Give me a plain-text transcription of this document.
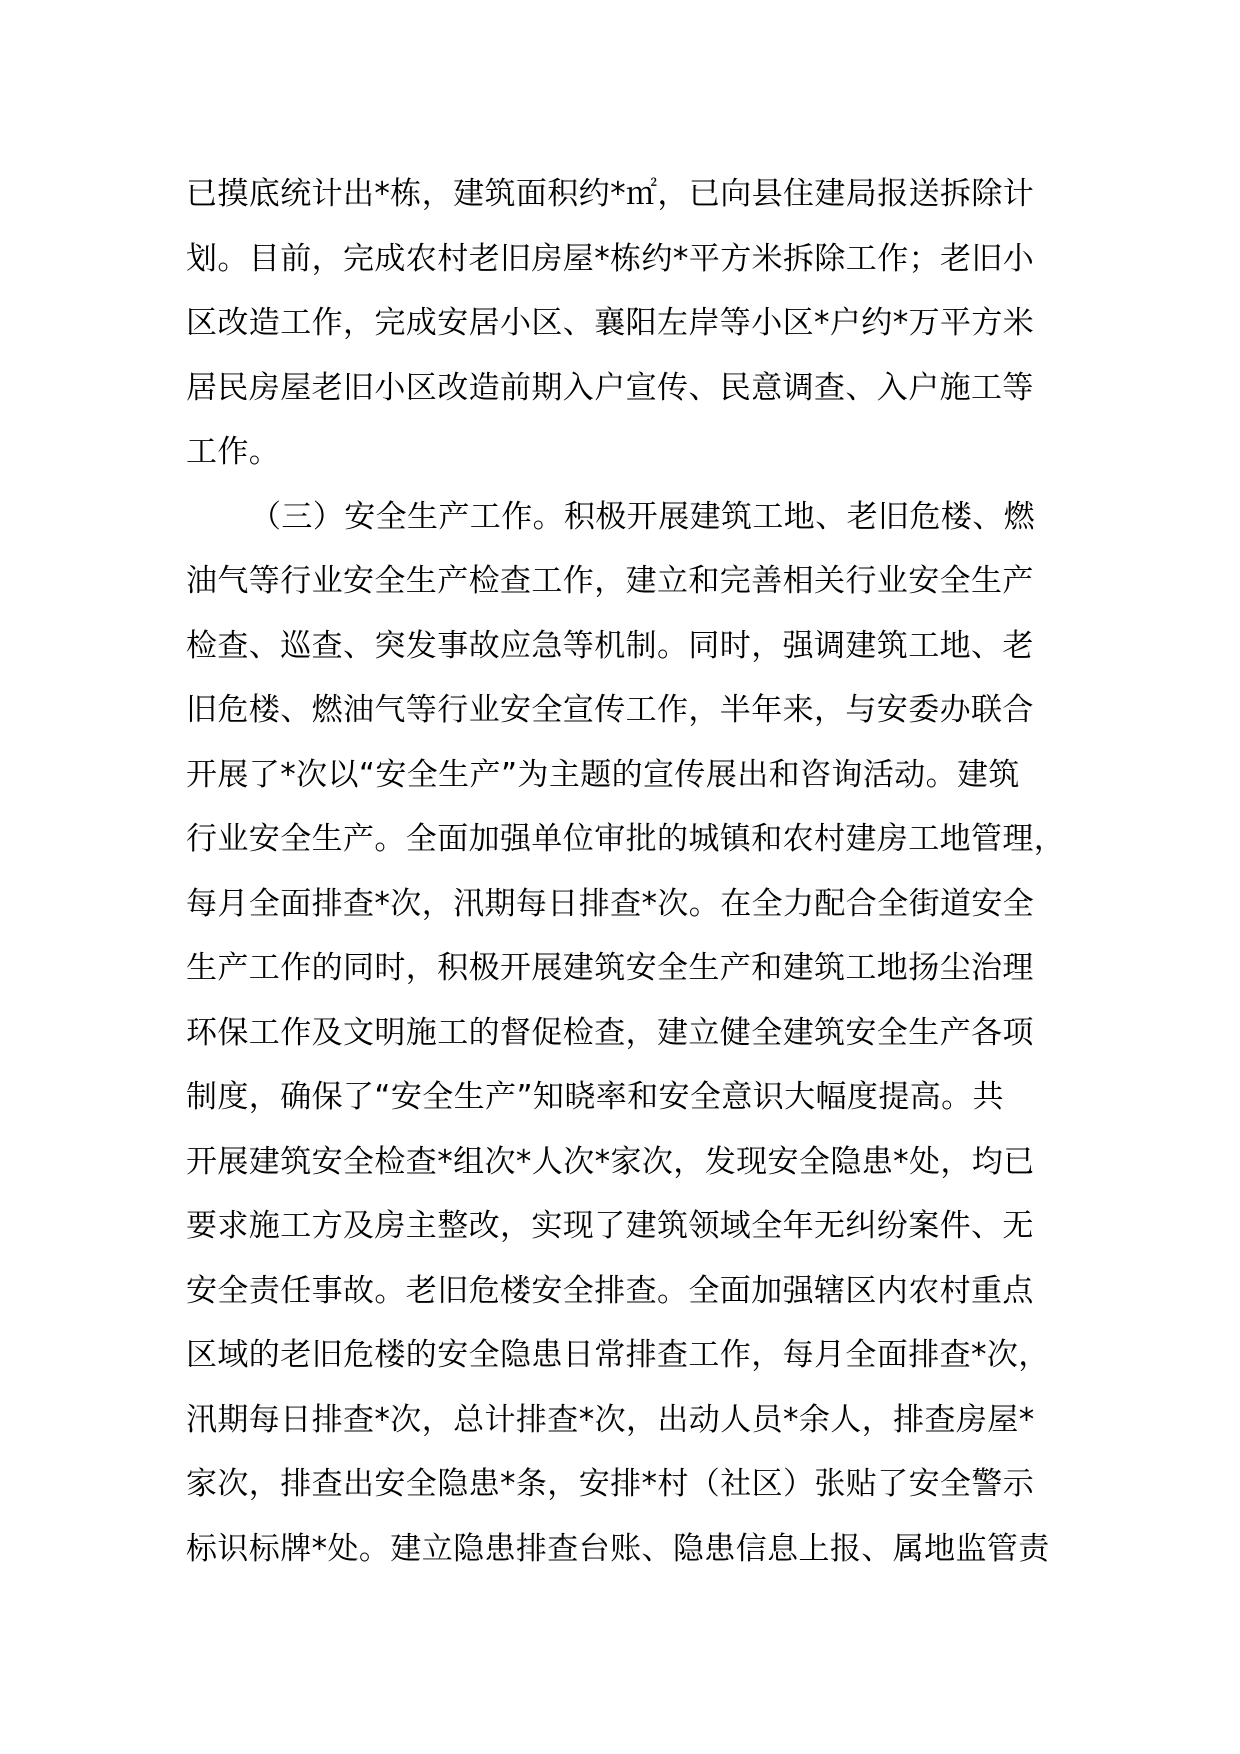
已摸底统计出*栋，建筑面积约*㎡，已向县住建局报送拆除计
划。目前，完成农村老旧房屋*栋约*平方米拆除工作；老旧小
区改造工作，完成安居小区、襄阳左岸等小区*户约*万平方米
居民房屋老旧小区改造前期入户宣传、民意调查、入户施工等
工作。
（三）安全生产工作。积极开展建筑工地、老旧危楼、燃
油气等行业安全生产检查工作，建立和完善相关行业安全生产
检查、巡查、突发事故应急等机制。同时，强调建筑工地、老
旧危楼、燃油气等行业安全宣传工作，半年来，与安委办联合
开展了*次以“安全生产”为主题的宣传展出和咨询活动。建筑
行业安全生产。全面加强单位审批的城镇和农村建房工地管理，
每月全面排查*次，汛期每日排查*次。在全力配合全街道安全
生产工作的同时，积极开展建筑安全生产和建筑工地扬尘治理
环保工作及文明施工的督促检查，建立健全建筑安全生产各项
制度，确保了“安全生产”知晓率和安全意识大幅度提高。共
开展建筑安全检查*组次*人次*家次，发现安全隐患*处，均已
要求施工方及房主整改，实现了建筑领域全年无纠纷案件、无
安全责任事故。老旧危楼安全排查。全面加强辖区内农村重点
区域的老旧危楼的安全隐患日常排查工作，每月全面排查*次，
汛期每日排查*次，总计排查*次，出动人员*余人，排查房屋*
家次，排查出安全隐患*条，安排*村（社区）张贴了安全警示
标识标牌*处。建立隐患排查台账、隐患信息上报、属地监管责
